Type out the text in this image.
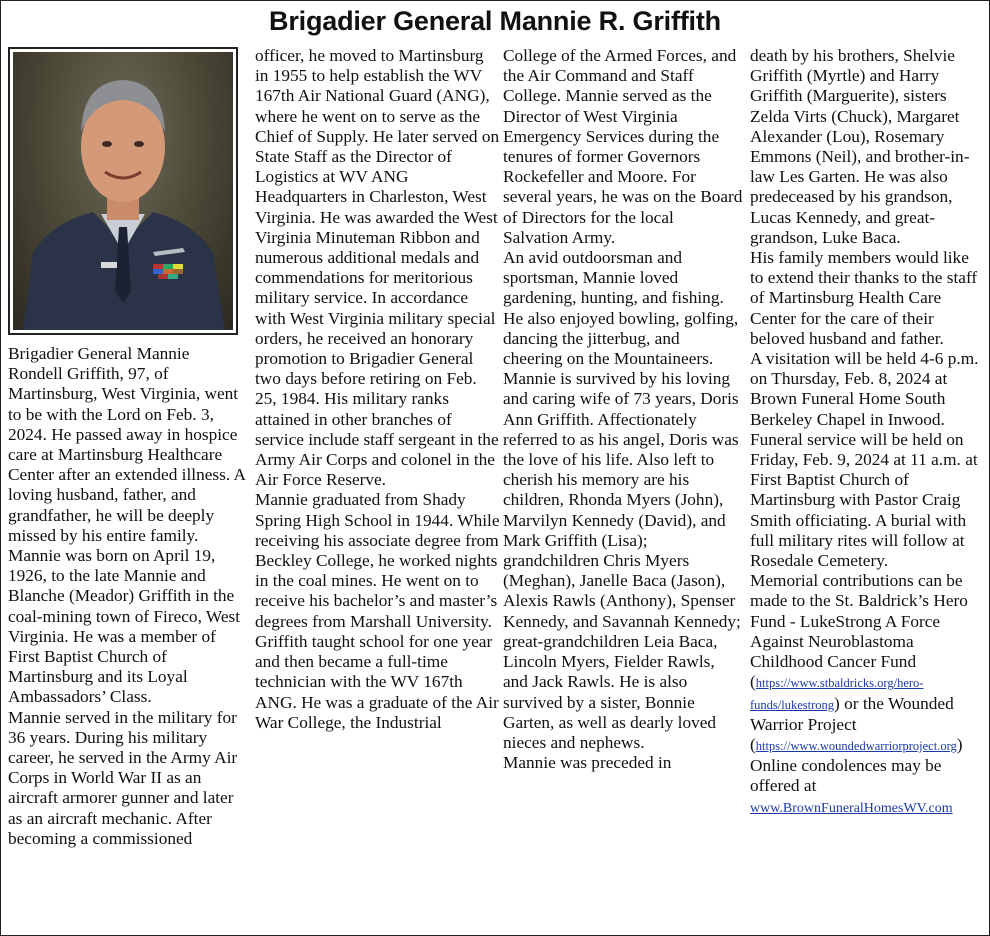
Brigadier General Mannie R. Griffith
Brigadier General Mannie Rondell Griffith, 97, of Martinsburg, West Virginia, went to be with the Lord on Feb. 3, 2024. He passed away in hospice care at Martinsburg Healthcare Center after an extended illness. A loving husband, father, and grandfather, he will be deeply missed by his entire family.
Mannie was born on April 19, 1926, to the late Mannie and Blanche (Meador) Griffith in the coal-mining town of Fireco, West Virginia. He was a member of First Baptist Church of Martinsburg and its Loyal Ambassadors’ Class.
Mannie served in the military for 36 years. During his military career, he served in the Army Air Corps in World War II as an aircraft armorer gunner and later as an aircraft mechanic. After becoming a commissioned
officer, he moved to Martinsburg in 1955 to help establish the WV 167th Air National Guard (ANG), where he went on to serve as the Chief of Supply. He later served on State Staff as the Director of Logistics at WV ANG Headquarters in Charleston, West Virginia. He was awarded the West Virginia Minuteman Ribbon and numerous additional medals and commendations for meritorious military service. In accordance with West Virginia military special orders, he received an honorary promotion to Brigadier General two days before retiring on Feb. 25, 1984. His military ranks attained in other branches of service include staff sergeant in the Army Air Corps and colonel in the Air Force Reserve.
Mannie graduated from Shady Spring High School in 1944. While receiving his associate degree from Beckley College, he worked nights in the coal mines. He went on to receive his bachelor’s and master’s degrees from Marshall University. Griffith taught school for one year and then became a full-time technician with the WV 167th ANG. He was a graduate of the Air War College, the Industrial
College of the Armed Forces, and the Air Command and Staff College. Mannie served as the Director of West Virginia Emergency Services during the tenures of former Governors Rockefeller and Moore. For several years, he was on the Board of Directors for the local Salvation Army.
An avid outdoorsman and sportsman, Mannie loved gardening, hunting, and fishing. He also enjoyed bowling, golfing, dancing the jitterbug, and cheering on the Mountaineers.
Mannie is survived by his loving and caring wife of 73 years, Doris Ann Griffith. Affectionately referred to as his angel, Doris was the love of his life. Also left to cherish his memory are his children, Rhonda Myers (John), Marvilyn Kennedy (David), and Mark Griffith (Lisa); grandchildren Chris Myers (Meghan), Janelle Baca (Jason), Alexis Rawls (Anthony), Spenser Kennedy, and Savannah Kennedy; great-grandchildren Leia Baca, Lincoln Myers, Fielder Rawls, and Jack Rawls. He is also survived by a sister, Bonnie Garten, as well as dearly loved nieces and nephews.
Mannie was preceded in
death by his brothers, Shelvie Griffith (Myrtle) and Harry Griffith (Marguerite), sisters Zelda Virts (Chuck), Margaret Alexander (Lou), Rosemary Emmons (Neil), and brother-in-law Les Garten. He was also predeceased by his grandson, Lucas Kennedy, and great-grandson, Luke Baca.
His family members would like to extend their thanks to the staff of Martinsburg Health Care Center for the care of their beloved husband and father.
A visitation will be held 4-6 p.m. on Thursday, Feb. 8, 2024 at Brown Funeral Home South Berkeley Chapel in Inwood.
Funeral service will be held on Friday, Feb. 9, 2024 at 11 a.m. at First Baptist Church of Martinsburg with Pastor Craig Smith officiating. A burial with full military rites will follow at Rosedale Cemetery.
Memorial contributions can be made to the St. Baldrick’s Hero Fund - LukeStrong A Force Against Neuroblastoma Childhood Cancer Fund
(https://www.stbaldricks.org/hero-funds/lukestrong) or the Wounded Warrior Project
(https://www.woundedwarriorproject.org)
Online condolences may be offered at
www.BrownFuneralHomesWV.com
